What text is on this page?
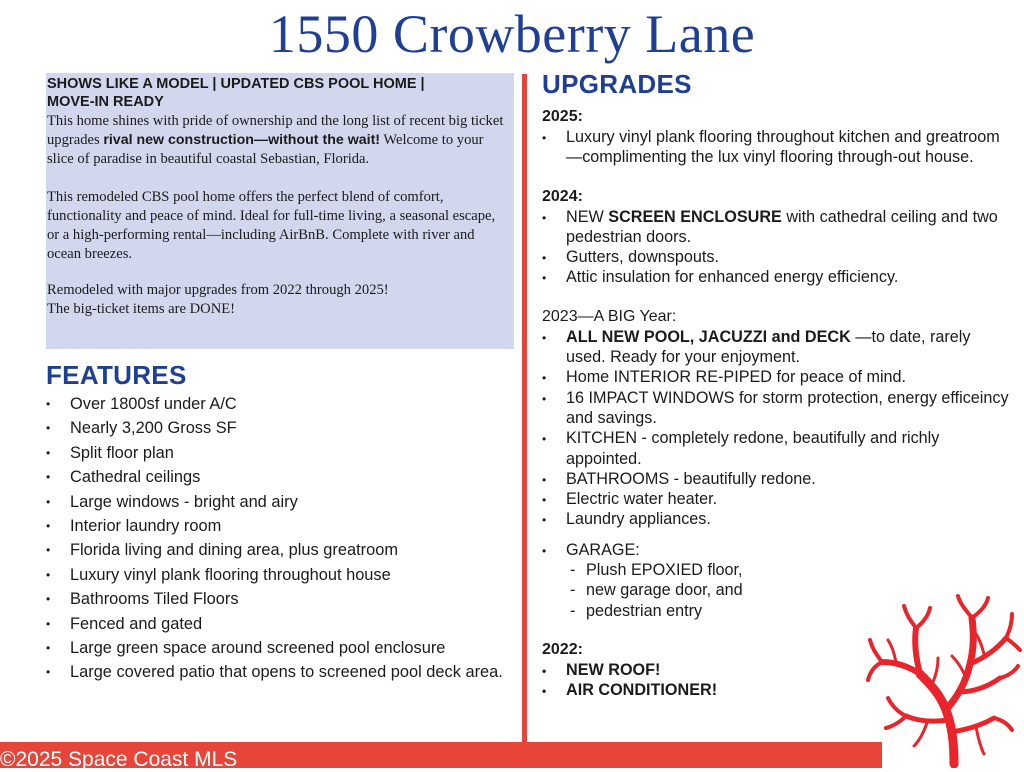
1550 Crowberry Lane
SHOWS LIKE A MODEL | UPDATED CBS POOL HOME |
MOVE-IN READY

This home shines with pride of ownership and the long list of recent big ticket upgrades rival new construction—without the wait! Welcome to your slice of paradise in beautiful coastal Sebastian, Florida.

This remodeled CBS pool home offers the perfect blend of comfort, functionality and peace of mind. Ideal for full-time living, a seasonal escape, or a high-performing rental—including AirBnB. Complete with river and ocean breezes.

Remodeled with major upgrades from 2022 through 2025!
The big-ticket items are DONE!

FEATURES
• Over 1800sf under A/C
• Nearly 3,200 Gross SF
• Split floor plan
• Cathedral ceilings
• Large windows - bright and airy
• Interior laundry room
• Florida living and dining area, plus greatroom
• Luxury vinyl plank flooring throughout house
• Bathrooms Tiled Floors
• Fenced and gated
• Large green space around screened pool enclosure
• Large covered patio that opens to screened pool deck area.
UPGRADES
2025:
• Luxury vinyl plank flooring throughout kitchen and greatroom —complimenting the lux vinyl flooring through-out house.
2024:
• NEW SCREEN ENCLOSURE with cathedral ceiling and two pedestrian doors.
• Gutters, downspouts.
• Attic insulation for enhanced energy efficiency.
2023—A BIG Year:
• ALL NEW POOL, JACUZZI and DECK —to date, rarely used. Ready for your enjoyment.
• Home INTERIOR RE-PIPED for peace of mind.
• 16 IMPACT WINDOWS for storm protection, energy efficeincy and savings.
• KITCHEN - completely redone, beautifully and richly appointed.
• BATHROOMS - beautifully redone.
• Electric water heater.
• Laundry appliances.
• GARAGE:
- Plush EPOXIED floor,
- new garage door, and
- pedestrian entry
2022:
• NEW ROOF!
• AIR CONDITIONER!
©2025 Space Coast MLS
